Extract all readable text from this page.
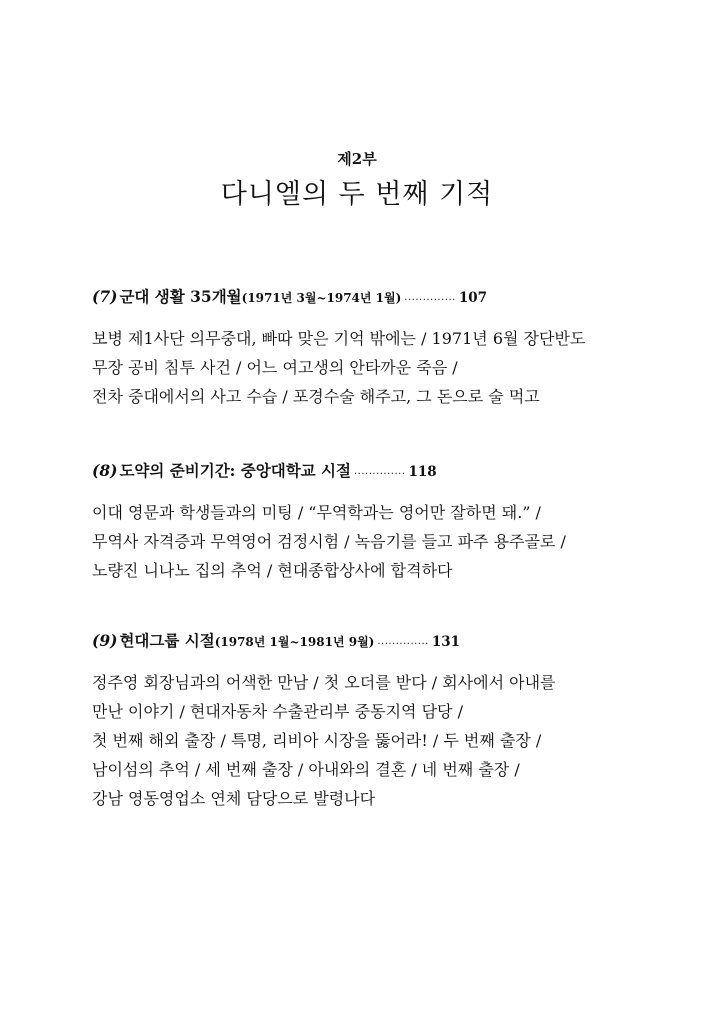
제2부
다니엘의 두 번째 기적
(7) 군대 생활 35개월(1971년 3월~1974년 1월) .............. 107
보병 제1사단 의무중대, 빠따 맞은 기억 밖에는 / 1971년 6월 장단반도
무장 공비 침투 사건 / 어느 여고생의 안타까운 죽음 /
전차 중대에서의 사고 수습 / 포경수술 해주고, 그 돈으로 술 먹고
(8) 도약의 준비기간: 중앙대학교 시절 .............. 118
이대 영문과 학생들과의 미팅 / “무역학과는 영어만 잘하면 돼.” /
무역사 자격증과 무역영어 검정시험 / 녹음기를 들고 파주 용주골로 /
노량진 니나노 집의 추억 / 현대종합상사에 합격하다
(9) 현대그룹 시절(1978년 1월~1981년 9월) .............. 131
정주영 회장님과의 어색한 만남 / 첫 오더를 받다 / 회사에서 아내를
만난 이야기 / 현대자동차 수출관리부 중동지역 담당 /
첫 번째 해외 출장 / 특명, 리비아 시장을 뚫어라! / 두 번째 출장 /
남이섬의 추억 / 세 번째 출장 / 아내와의 결혼 / 네 번째 출장 /
강남 영동영업소 연체 담당으로 발령나다
